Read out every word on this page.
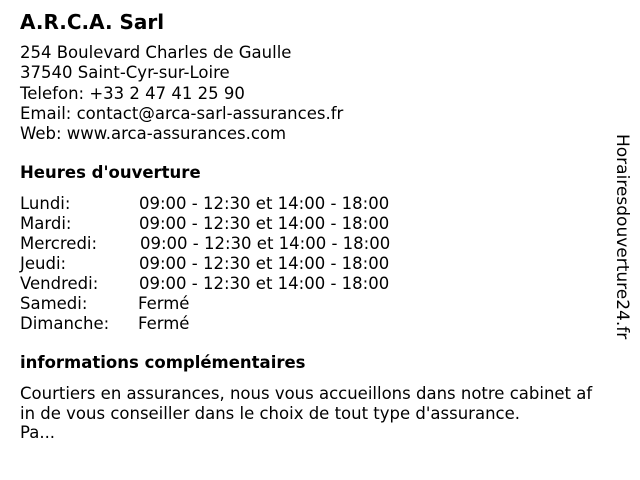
A.R.C.A. Sarl
254 Boulevard Charles de Gaulle
37540 Saint-Cyr-sur-Loire
Telefon: +33 2 47 41 25 90
Email: contact@arca-sarl-assurances.fr
Web: www.arca-assurances.com
Heures d'ouverture
Lundi:	09:00 - 12:30 et 14:00 - 18:00
Mardi:	09:00 - 12:30 et 14:00 - 18:00
Mercredi:	09:00 - 12:30 et 14:00 - 18:00
Jeudi:	09:00 - 12:30 et 14:00 - 18:00
Vendredi: 09:00 - 12:30 et 14:00 - 18:00
Samedi:	Fermé
Dimanche: Fermé
informations complémentaires
Courtiers en assurances, nous vous accueillons dans notre cabinet af
in de vous conseiller dans le choix de tout type d'assurance.
Pa...
Horairesdouverture24.fr
